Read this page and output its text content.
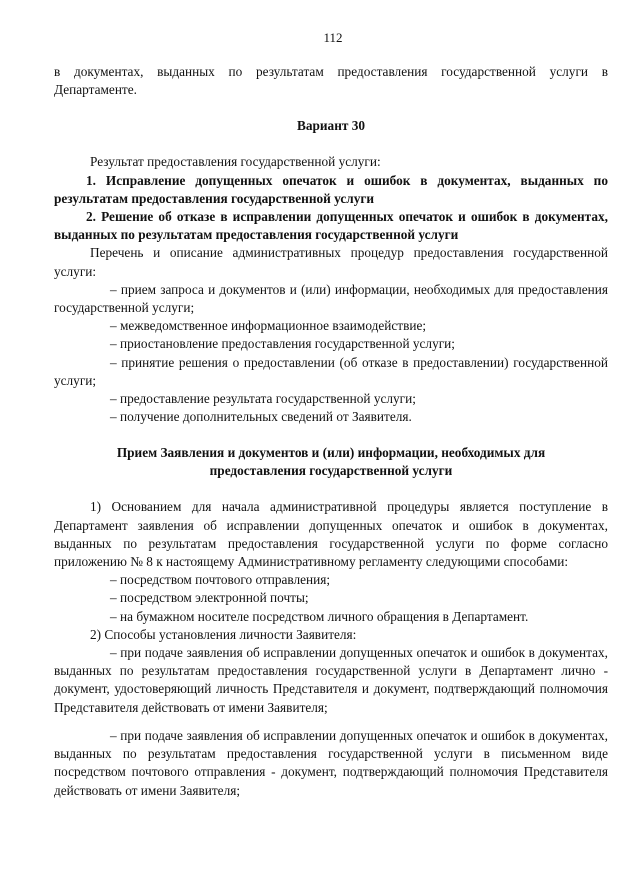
112

в документах, выданных по результатам предоставления государственной услуги в Департаменте.

Вариант 30

Результат предоставления государственной услуги:

1. Исправление допущенных опечаток и ошибок в документах, выданных по результатам предоставления государственной услуги

2. Решение об отказе в исправлении допущенных опечаток и ошибок в документах, выданных по результатам предоставления государственной услуги

Перечень и описание административных процедур предоставления государственной услуги:

– прием запроса и документов и (или) информации, необходимых для предоставления государственной услуги;

– межведомственное информационное взаимодействие;

– приостановление предоставления государственной услуги;

– принятие решения о предоставлении (об отказе в предоставлении) государственной услуги;

– предоставление результата государственной услуги;

– получение дополнительных сведений от Заявителя.

Прием Заявления и документов и (или) информации, необходимых для

предоставления государственной услуги

1) Основанием для начала административной процедуры является поступление в Департамент заявления об исправлении допущенных опечаток и ошибок в документах, выданных по результатам предоставления государственной услуги по форме согласно приложению № 8 к настоящему Административному регламенту следующими способами:

– посредством почтового отправления;

– посредством электронной почты;

– на бумажном носителе посредством личного обращения в Департамент.

2) Способы установления личности Заявителя:

– при подаче заявления об исправлении допущенных опечаток и ошибок в документах, выданных по результатам предоставления государственной услуги в Департамент лично - документ, удостоверяющий личность Представителя и документ, подтверждающий полномочия Представителя действовать от имени Заявителя;

– при подаче заявления об исправлении допущенных опечаток и ошибок в документах, выданных по результатам предоставления государственной услуги в письменном виде посредством почтового отправления - документ, подтверждающий полномочия Представителя действовать от имени Заявителя;
